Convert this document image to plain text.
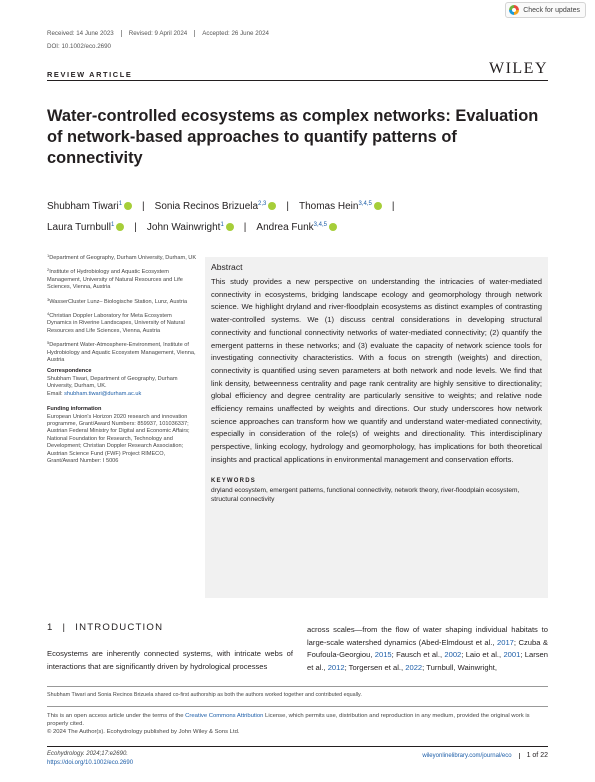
Check for updates
Received: 14 June 2023	Revised: 9 April 2024	Accepted: 26 June 2024
DOI: 10.1002/eco.2690
REVIEW ARTICLE	WILEY
Water-controlled ecosystems as complex networks: Evaluation of network-based approaches to quantify patterns of connectivity
Shubham Tiwari$^1$ | Sonia Recinos Brizuela$^{2,3}$ | Thomas Hein$^{3,4,5}$ |
Laura Turnbull$^1$ | John Wainwright$^1$ | Andrea Funk$^{3,4,5}$
$^1$Department of Geography, Durham University, Durham, UK
$^2$Institute of Hydrobiology and Aquatic Ecosystem Management, University of Natural Resources and Life Sciences, Vienna, Austria
$^3$WasserCluster Lunz– Biologische Station, Lunz, Austria
$^4$Christian Doppler Laboratory for Meta Ecosystem Dynamics in Riverine Landscapes, University of Natural Resources and Life Sciences, Vienna, Austria
$^5$Department Water-Atmosphere-Environment, Institute of Hydrobiology and Aquatic Ecosystem Management, Vienna, Austria
Correspondence
Shubham Tiwari, Department of Geography, Durham University, Durham, UK.
Email: shubham.tiwari@durham.ac.uk
Funding information
European Union's Horizon 2020 research and innovation programme, Grant/Award Numbers: 859937, 101036337; Austrian Federal Ministry for Digital and Economic Affairs; National Foundation for Research, Technology and Development; Christian Doppler Research Association; Austrian Science Fund (FWF) Project RIMECO, Grant/Award Number: I 5006
Abstract
This study provides a new perspective on understanding the intricacies of water-mediated connectivity in ecosystems, bridging landscape ecology and geomorphology through network science. We highlight dryland and river-floodplain ecosystems as distinct examples of contrasting water-controlled systems. We (1) discuss central considerations in developing structural connectivity and functional connectivity networks of water-mediated connectivity; (2) quantify the emergent patterns in these networks; and (3) evaluate the capacity of network science tools for investigating connectivity characteristics. With a focus on strength (weights) and direction, connectivity is quantified using seven parameters at both network and node levels. We find that link density, betweenness centrality and page rank centrality are highly sensitive to directionality; global efficiency and degree centrality are particularly sensitive to weights; and relative node efficiency remains unaffected by weights and directions. Our study underscores how network science approaches can transform how we quantify and understand water-mediated connectivity, especially in consideration of the role(s) of weights and directionality. This interdisciplinary perspective, linking ecology, hydrology and geomorphology, has implications for both theoretical insights and practical applications in environmental management and conservation efforts.
KEYWORDS
dryland ecosystem, emergent patterns, functional connectivity, network theory, river-floodplain ecosystem, structural connectivity
1 | INTRODUCTION
Ecosystems are inherently connected systems, with intricate webs of interactions that are significantly driven by hydrological processes
across scales—from the flow of water shaping individual habitats to large-scale watershed dynamics (Abed-Elmdoust et al., 2017; Czuba & Foufoula-Georgiou, 2015; Fausch et al., 2002; Laio et al., 2001; Larsen et al., 2012; Torgersen et al., 2022; Turnbull, Wainwright,
Shubham Tiwari and Sonia Recinos Brizuela shared co-first authorship as both the authors worked together and contributed equally.
This is an open access article under the terms of the Creative Commons Attribution License, which permits use, distribution and reproduction in any medium, provided the original work is properly cited.
© 2024 The Author(s). Ecohydrology published by John Wiley & Sons Ltd.
Ecohydrology. 2024;17:e2690.
https://doi.org/10.1002/eco.2690
wileyonlinelibrary.com/journal/eco	1 of 22
